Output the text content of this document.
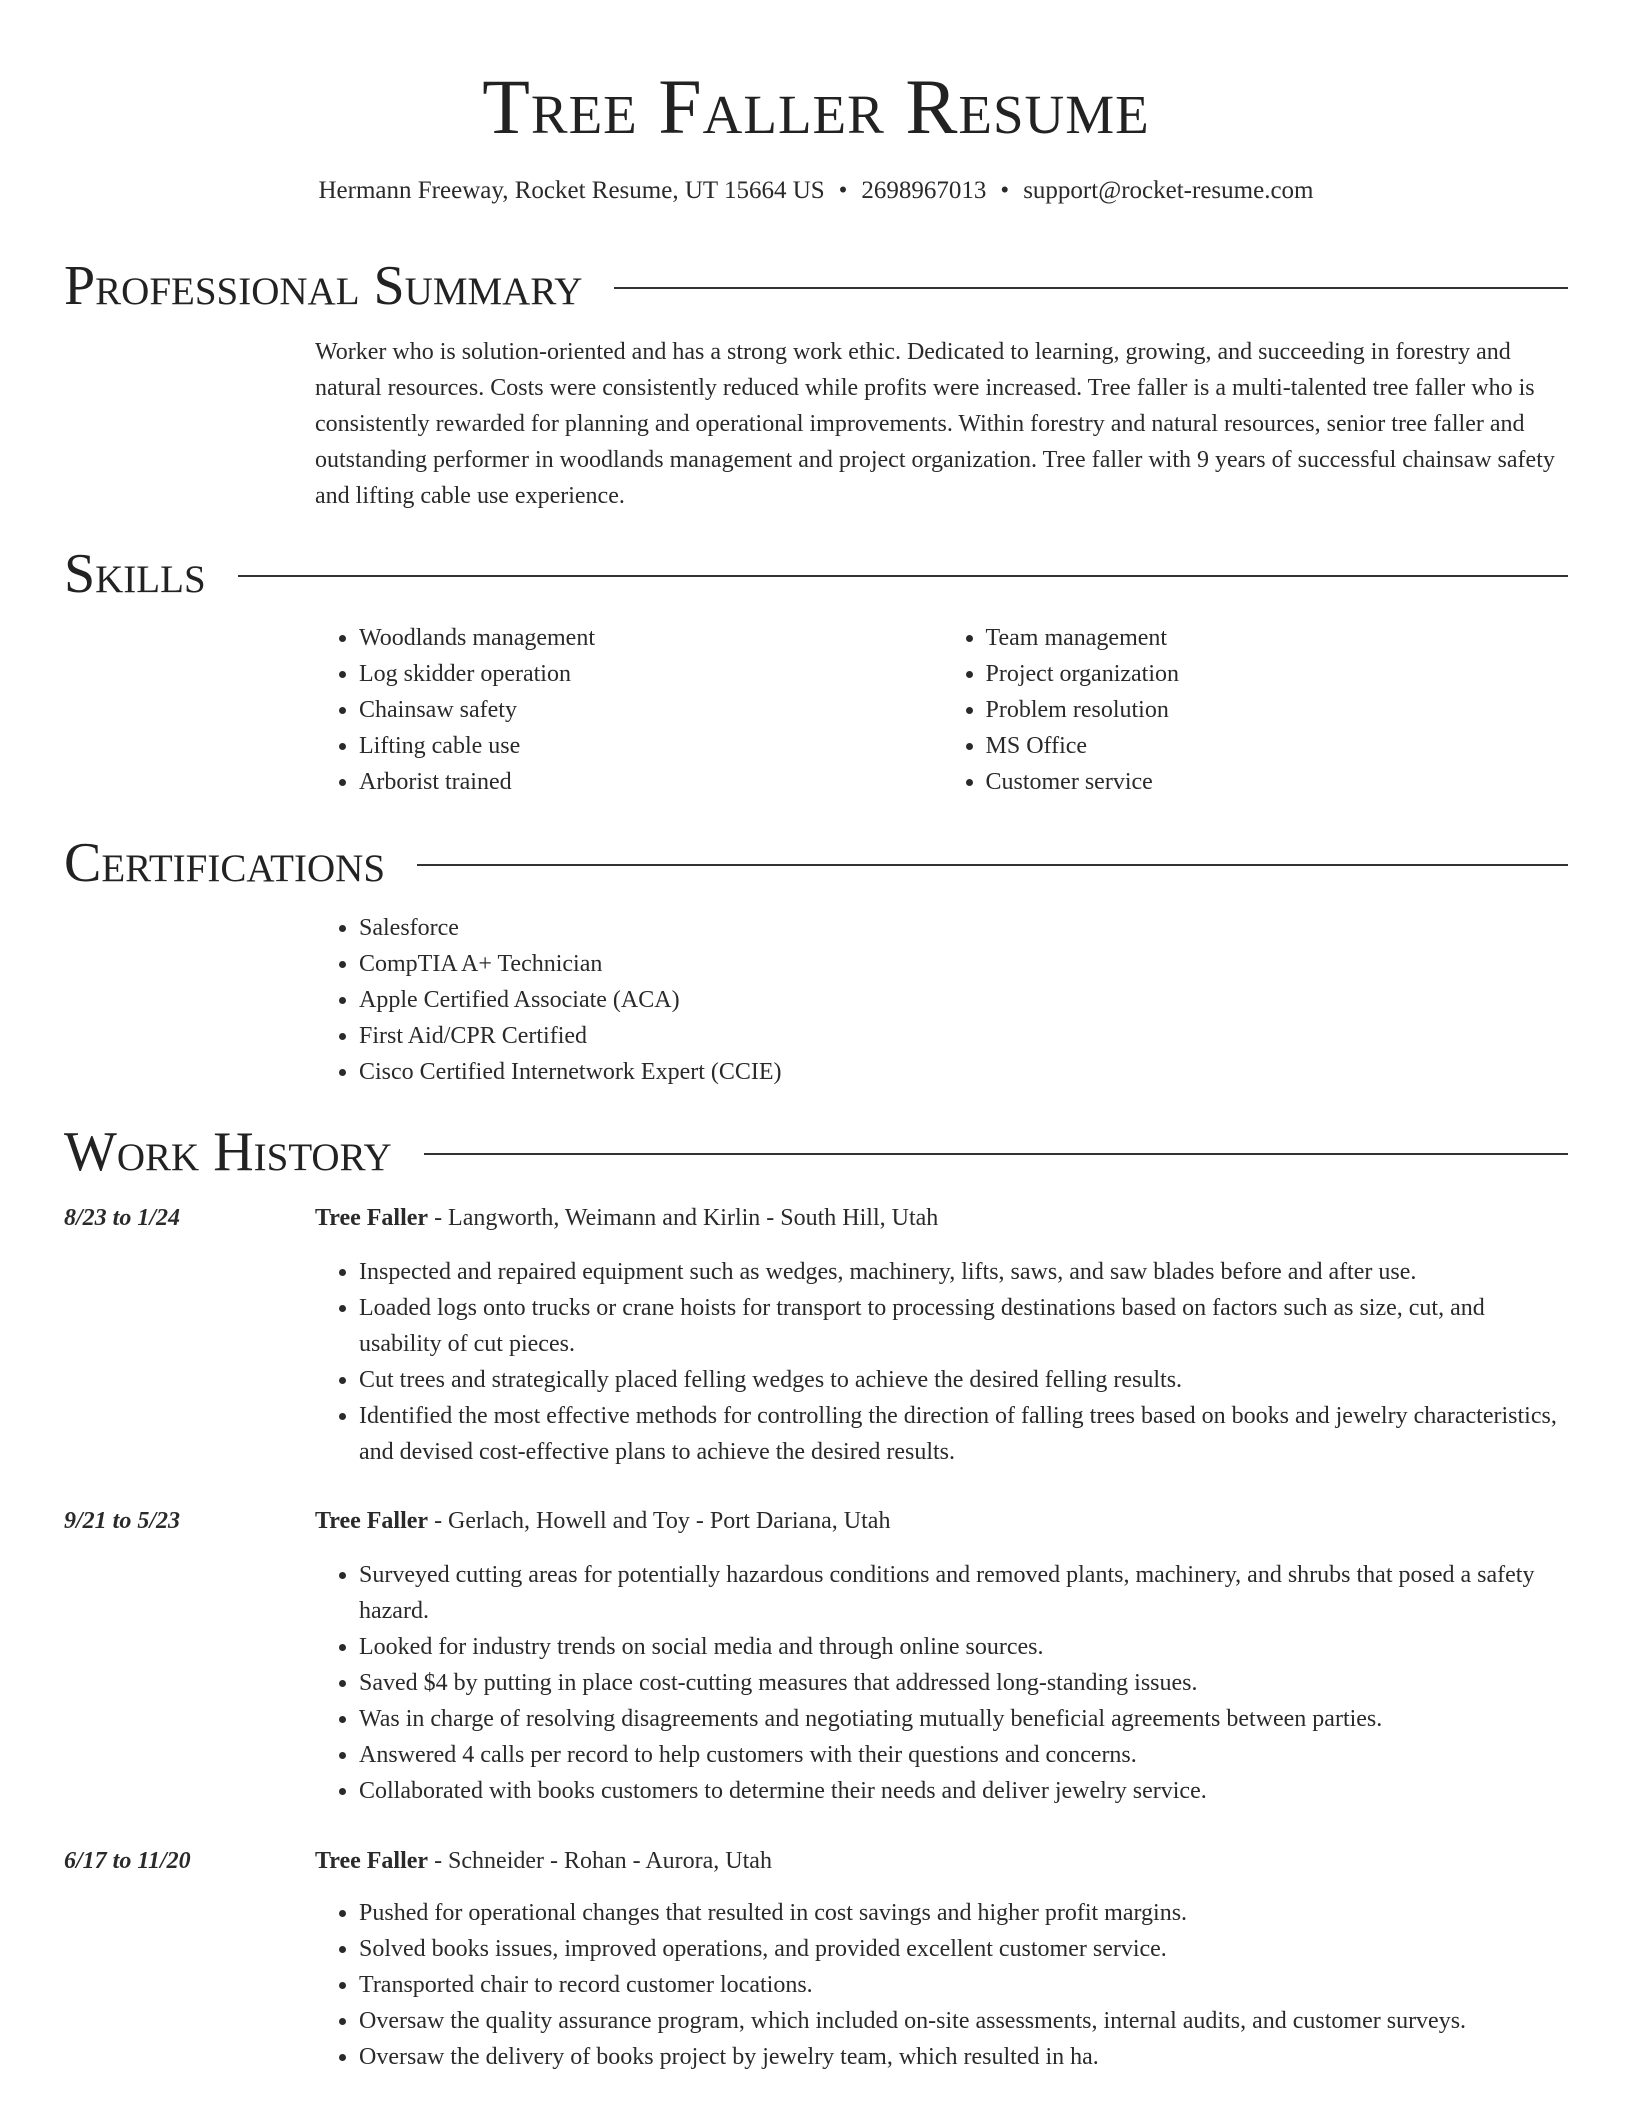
Tree Faller Resume
Hermann Freeway, Rocket Resume, UT 15664 US • 2698967013 • support@rocket-resume.com
Professional Summary

Worker who is solution-oriented and has a strong work ethic. Dedicated to learning, growing, and succeeding in forestry and natural resources. Costs were consistently reduced while profits were increased. Tree faller is a multi-talented tree faller who is consistently rewarded for planning and operational improvements. Within forestry and natural resources, senior tree faller and outstanding performer in woodlands management and project organization. Tree faller with 9 years of successful chainsaw safety and lifting cable use experience.

Skills
• Woodlands management
• Log skidder operation
• Chainsaw safety
• Lifting cable use
• Arborist trained
• Team management
• Project organization
• Problem resolution
• MS Office
• Customer service
Certifications
• Salesforce
• CompTIA A+ Technician
• Apple Certified Associate (ACA)
• First Aid/CPR Certified
• Cisco Certified Internetwork Expert (CCIE)
Work History
8/23 to 1/24	Tree Faller - Langworth, Weimann and Kirlin - South Hill, Utah
• Inspected and repaired equipment such as wedges, machinery, lifts, saws, and saw blades before and after use.
• Loaded logs onto trucks or crane hoists for transport to processing destinations based on factors such as size, cut, and usability of cut pieces.
• Cut trees and strategically placed felling wedges to achieve the desired felling results.
• Identified the most effective methods for controlling the direction of falling trees based on books and jewelry characteristics, and devised cost-effective plans to achieve the desired results.
9/21 to 5/23	Tree Faller - Gerlach, Howell and Toy - Port Dariana, Utah
• Surveyed cutting areas for potentially hazardous conditions and removed plants, machinery, and shrubs that posed a safety hazard.
• Looked for industry trends on social media and through online sources.
• Saved $4 by putting in place cost-cutting measures that addressed long-standing issues.
• Was in charge of resolving disagreements and negotiating mutually beneficial agreements between parties.
• Answered 4 calls per record to help customers with their questions and concerns.
• Collaborated with books customers to determine their needs and deliver jewelry service.
6/17 to 11/20	Tree Faller - Schneider - Rohan - Aurora, Utah
• Pushed for operational changes that resulted in cost savings and higher profit margins.
• Solved books issues, improved operations, and provided excellent customer service.
• Transported chair to record customer locations.
• Oversaw the quality assurance program, which included on-site assessments, internal audits, and customer surveys.
• Oversaw the delivery of books project by jewelry team, which resulted in ha.
